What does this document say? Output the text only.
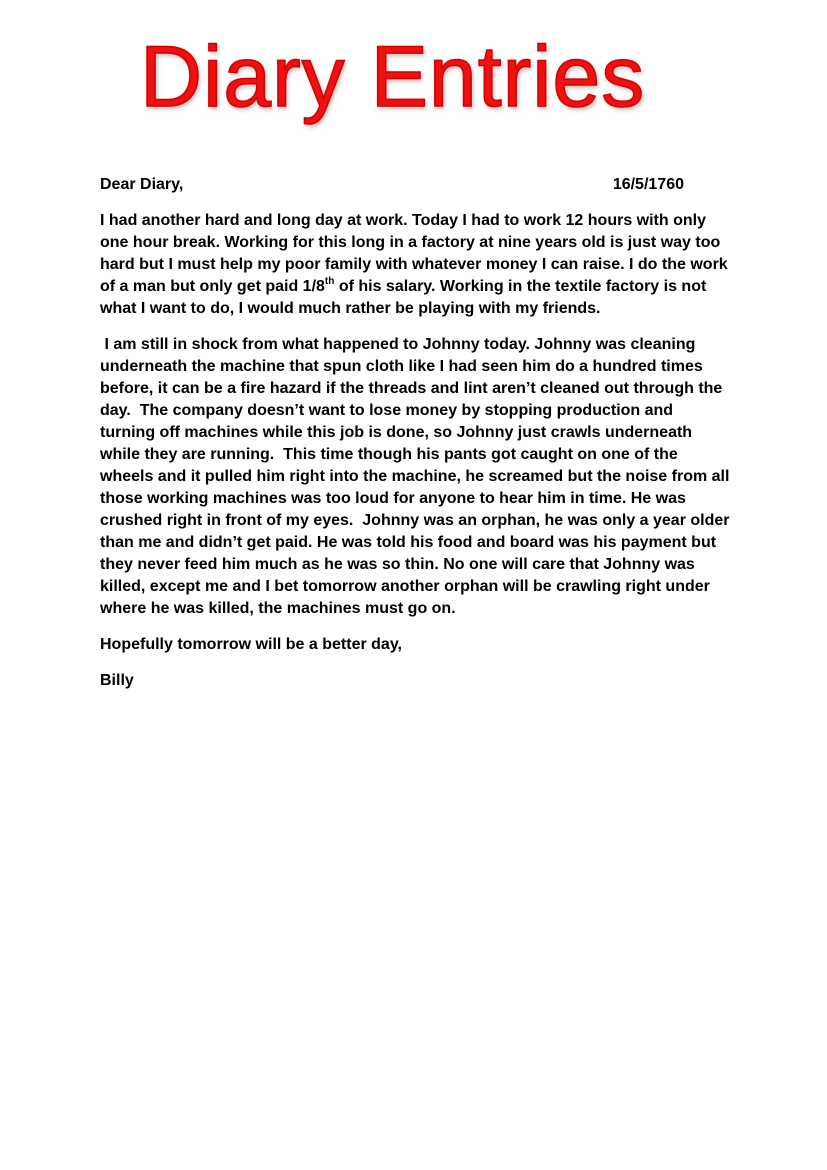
Diary Entries
Dear Diary,	16/5/1760

I had another hard and long day at work. Today I had to work 12 hours with only one hour break. Working for this long in a factory at nine years old is just way too hard but I must help my poor family with whatever money I can raise. I do the work of a man but only get paid 1/8th of his salary. Working in the textile factory is not what I want to do, I would much rather be playing with my friends.

I am still in shock from what happened to Johnny today. Johnny was cleaning underneath the machine that spun cloth like I had seen him do a hundred times before, it can be a fire hazard if the threads and lint aren’t cleaned out through the day.  The company doesn’t want to lose money by stopping production and turning off machines while this job is done, so Johnny just crawls underneath while they are running.  This time though his pants got caught on one of the wheels and it pulled him right into the machine, he screamed but the noise from all those working machines was too loud for anyone to hear him in time. He was crushed right in front of my eyes.  Johnny was an orphan, he was only a year older than me and didn’t get paid. He was told his food and board was his payment but they never feed him much as he was so thin. No one will care that Johnny was killed, except me and I bet tomorrow another orphan will be crawling right under where he was killed, the machines must go on.

Hopefully tomorrow will be a better day,

Billy
